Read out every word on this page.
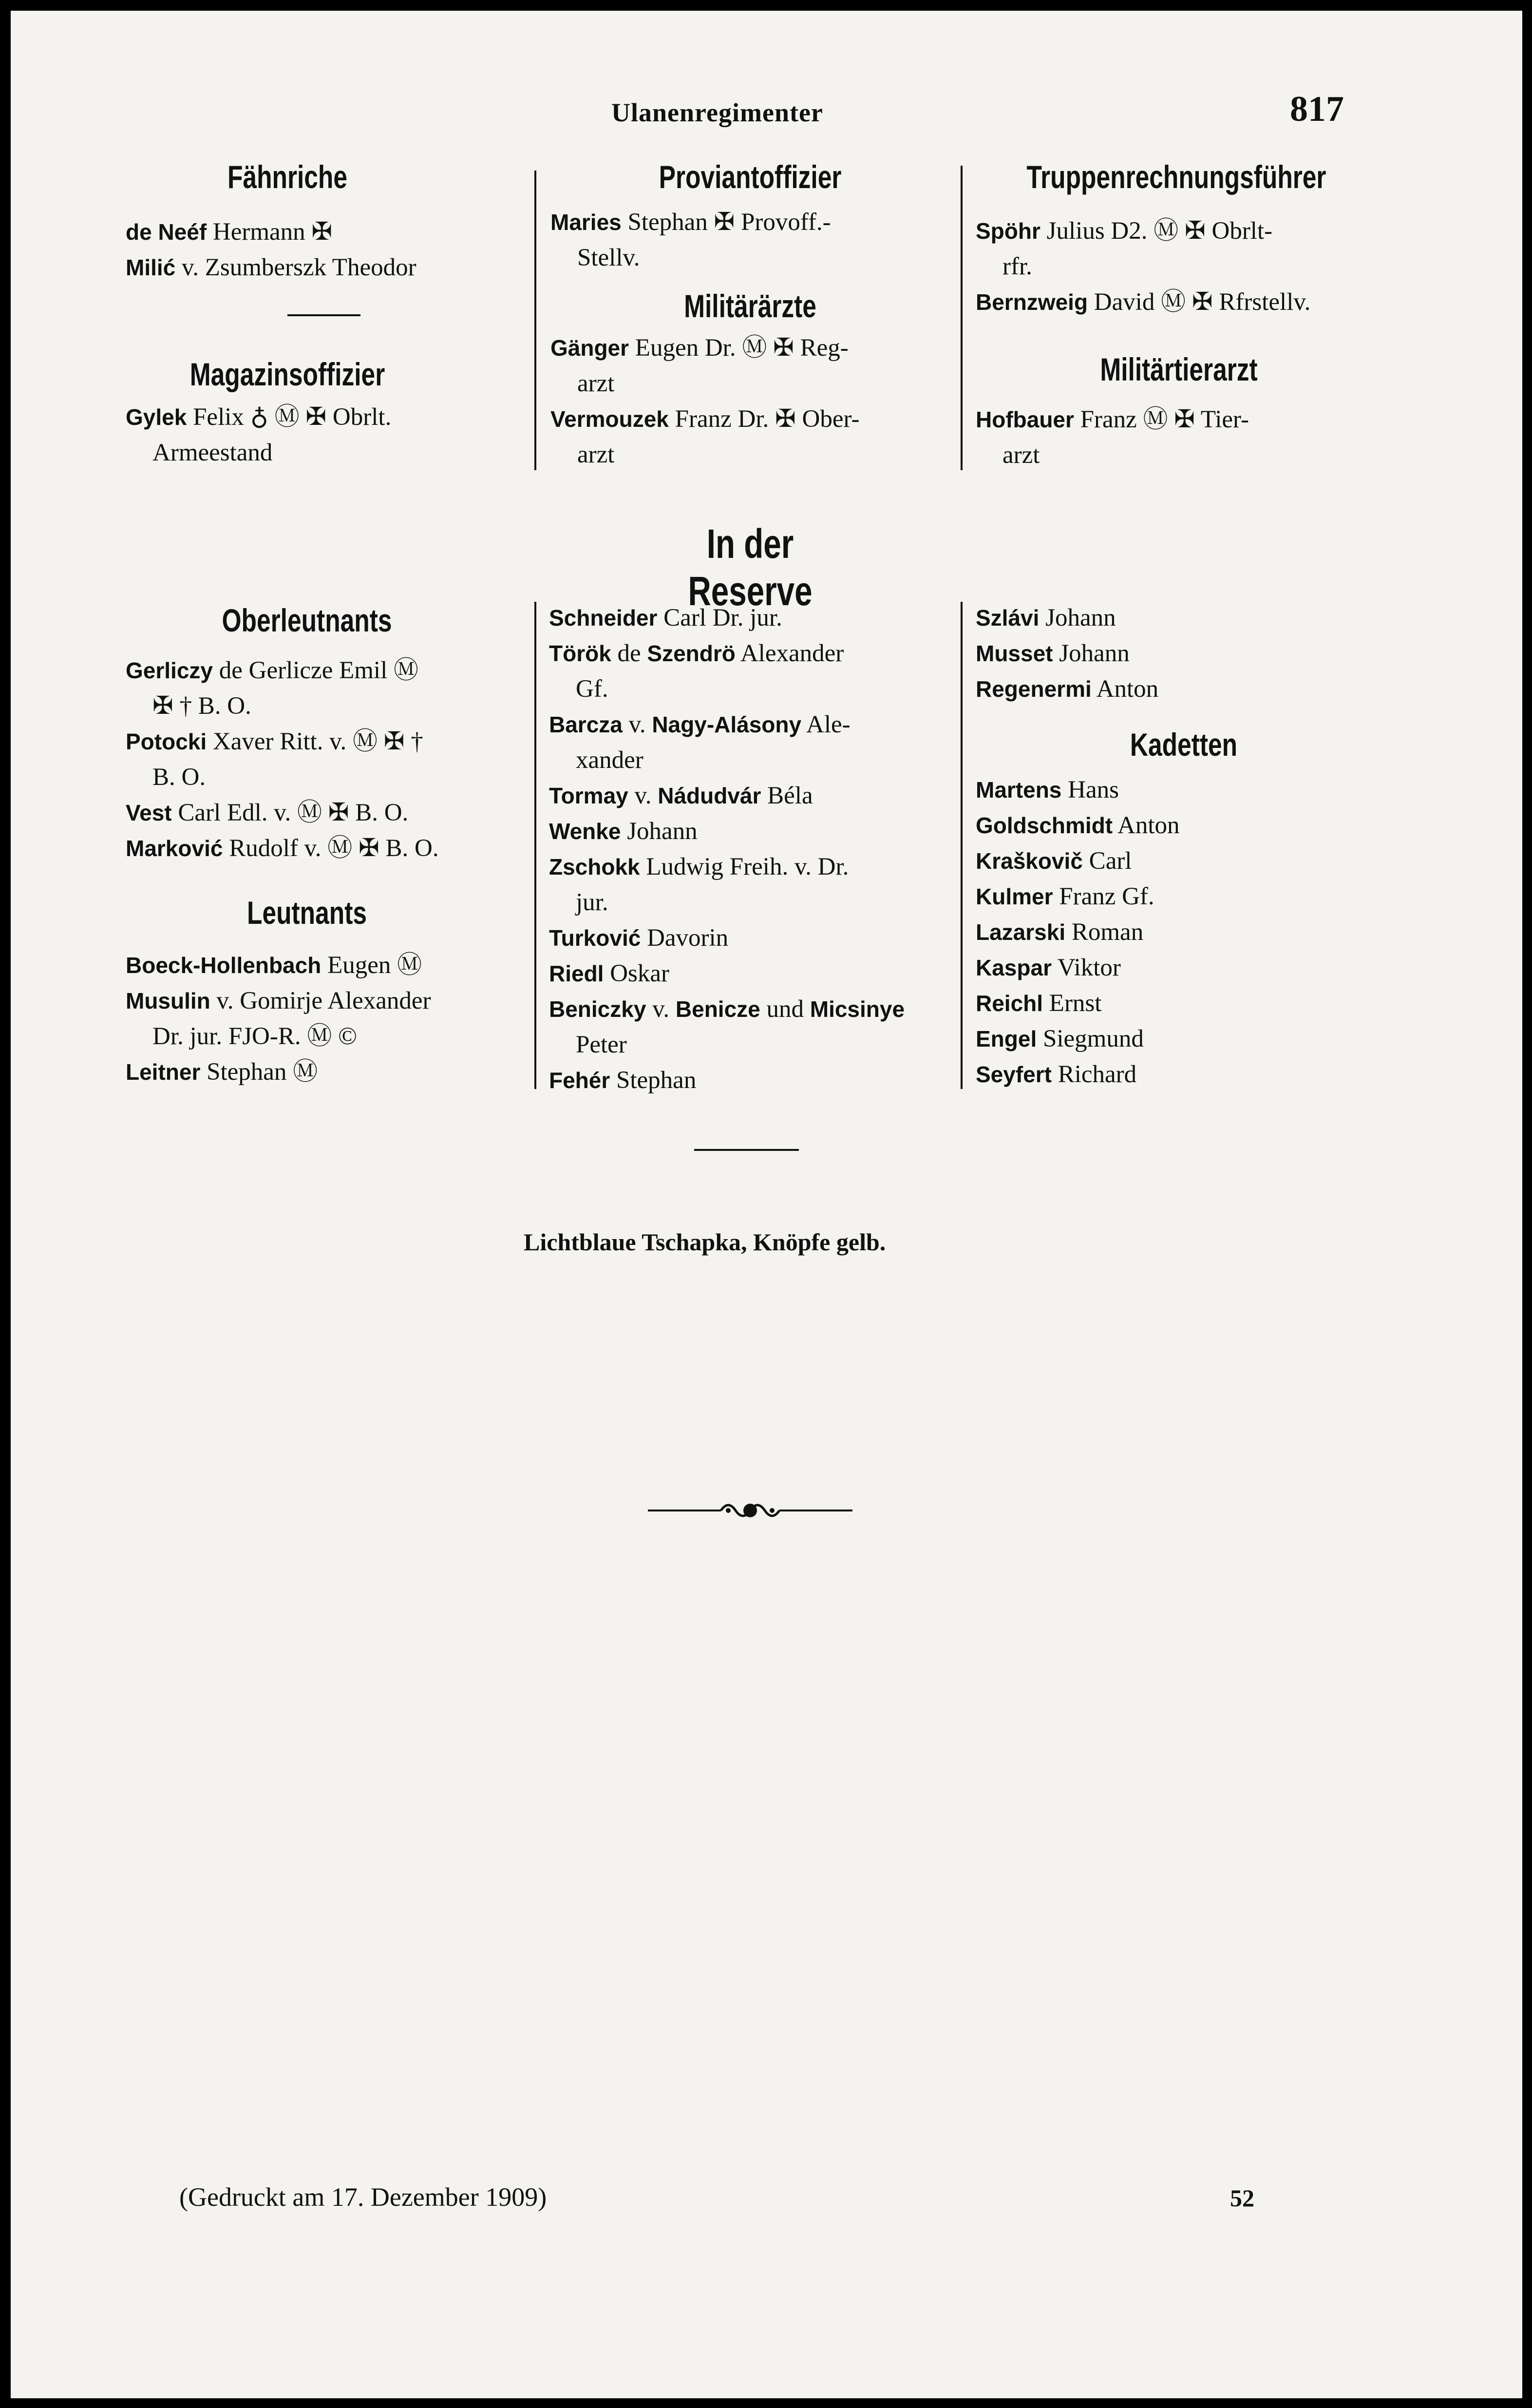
Ulanenregimenter	817
Fähnriche

de Neéf Hermann ✠

Milić v. Zsumberszk Theodor

Magazinsoffizier

Gylek Felix ♁ Ⓜ ✠ Obrlt.

Armeestand

Proviantoffizier

Maries Stephan ✠ Provoff.-

Stellv.

Militärärzte

Gänger Eugen Dr. Ⓜ ✠ Reg-

arzt

Vermouzek Franz Dr. ✠ Ober-

arzt

Truppenrechnungsführer

Spöhr Julius D2. Ⓜ ✠ Obrlt-

rfr.

Bernzweig David Ⓜ ✠ Rfrstellv.

Militärtierarzt

Hofbauer Franz Ⓜ ✠ Tier-

arzt

In der Reserve
Oberleutnants

Gerliczy de Gerlicze Emil Ⓜ

✠ † B. O.

Potocki Xaver Ritt. v. Ⓜ ✠ †

B. O.

Vest Carl Edl. v. Ⓜ ✠ B. O.

Marković Rudolf v. Ⓜ ✠ B. O.

Leutnants

Boeck-Hollenbach Eugen Ⓜ

Musulin v. Gomirje Alexander

Dr. jur. FJO-R. Ⓜ ©

Leitner Stephan Ⓜ

Schneider Carl Dr. jur.

Török de Szendrö Alexander

Gf.

Barcza v. Nagy-Alásony Ale-

xander

Tormay v. Nádudvár Béla

Wenke Johann

Zschokk Ludwig Freih. v. Dr.

jur.

Turković Davorin

Riedl Oskar

Beniczky v. Benicze und Micsinye

Peter

Fehér Stephan

Szlávi Johann

Musset Johann

Regenermi Anton

Kadetten

Martens Hans

Goldschmidt Anton

Kraškovič Carl

Kulmer Franz Gf.

Lazarski Roman

Kaspar Viktor

Reichl Ernst

Engel Siegmund

Seyfert Richard

Lichtblaue Tschapka, Knöpfe gelb.
(Gedruckt am 17. Dezember 1909)	52
